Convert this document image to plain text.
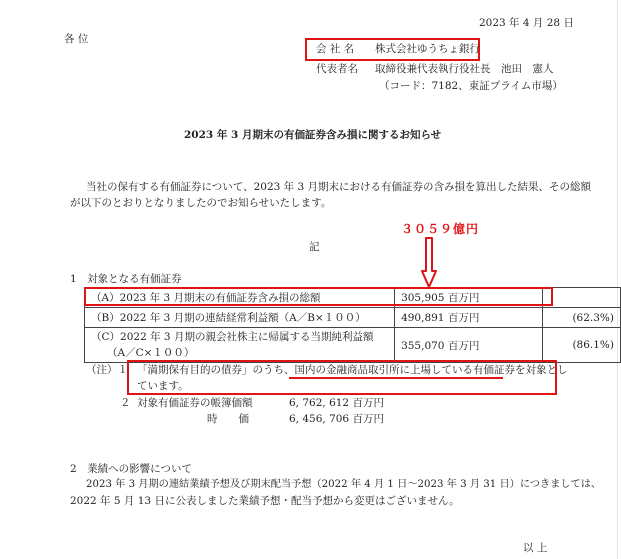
2023 年 4 月 28 日
各 位
会 社 名 株式会社ゆうちょ銀行
代表者名 取締役兼代表執行役社長　池田　憲人
（コード：7182、東証プライム市場）
2023 年 3 月期末の有価証券含み損に関するお知らせ
当社の保有する有価証券について、2023 年 3 月期末における有価証券の含み損を算出した結果、その総額
が以下のとおりとなりましたのでお知らせいたします。
３０５９億円
記
1　対象となる有価証券
（A）2023 年 3 月期末の有価証券含み損の総額	305,905 百万円	
（B）2022 年 3 月期の連結経常利益額（A／B×１００）	490,891 百万円	(62.3%)

（C）2022 年 3 月期の親会社株主に帰属する当期純利益額
（A／C×１００）	355,070 百万円	(86.1%)
（注）１ 「満期保有目的の債券」のうち、国内の金融商品取引所に上場している有価証券を対象とし
ています。
２ 対象有価証券の帳簿価額	6, 762, 612 百万円
時　　価	6, 456, 706 百万円
2　業績への影響について
2023 年 3 月期の連結業績予想及び期末配当予想（2022 年 4 月 1 日～2023 年 3 月 31 日）につきましては、
2022 年 5 月 13 日に公表しました業績予想・配当予想から変更はございません。
以 上
